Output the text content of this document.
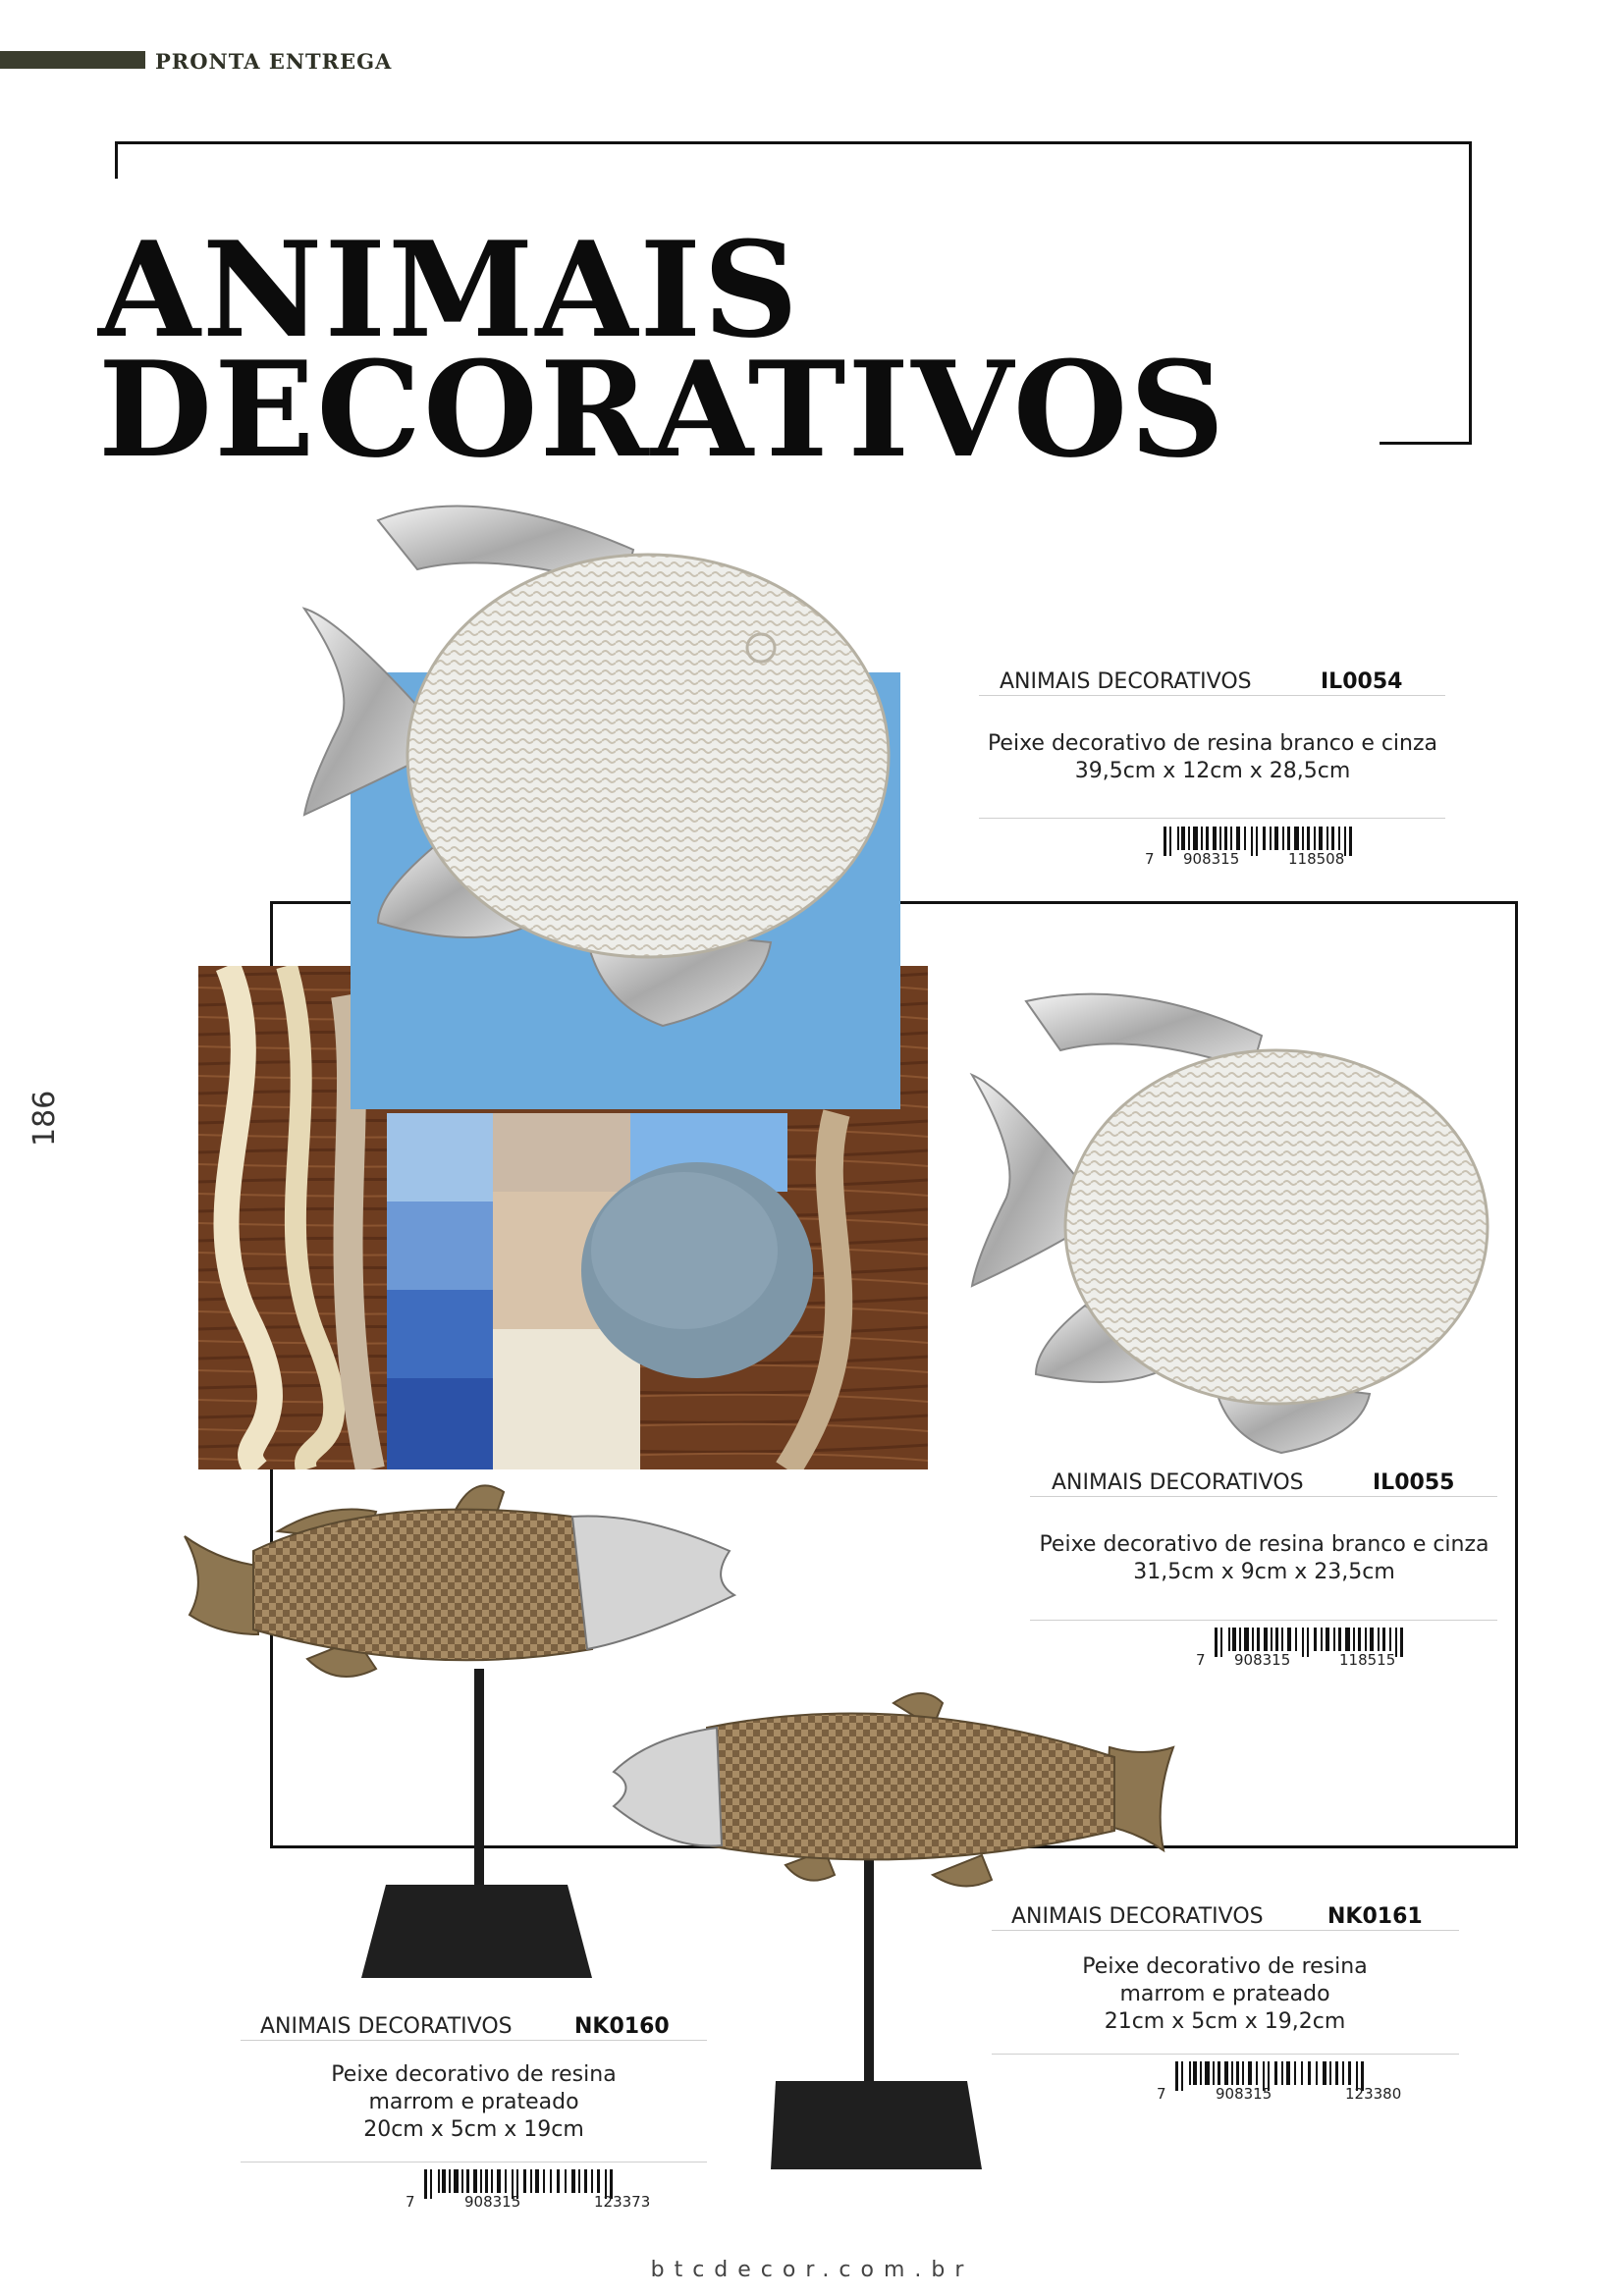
PRONTA ENTREGA
ANIMAIS
DECORATIVOS
186
ANIMAIS DECORATIVOS	IL0054
Peixe decorativo de resina branco e cinza
39,5cm x 12cm x 28,5cm
7 908315	118508
ANIMAIS DECORATIVOS	IL0055
Peixe decorativo de resina branco e cinza
31,5cm x 9cm x 23,5cm
7 908315	118515
ANIMAIS DECORATIVOS	NK0161
Peixe decorativo de resina
marrom e prateado
21cm x 5cm x 19,2cm
7	908315	123380
ANIMAIS DECORATIVOS	NK0160
Peixe decorativo de resina
marrom e prateado
20cm x 5cm x 19cm
7	908315	123373
btcdecor.com.br
